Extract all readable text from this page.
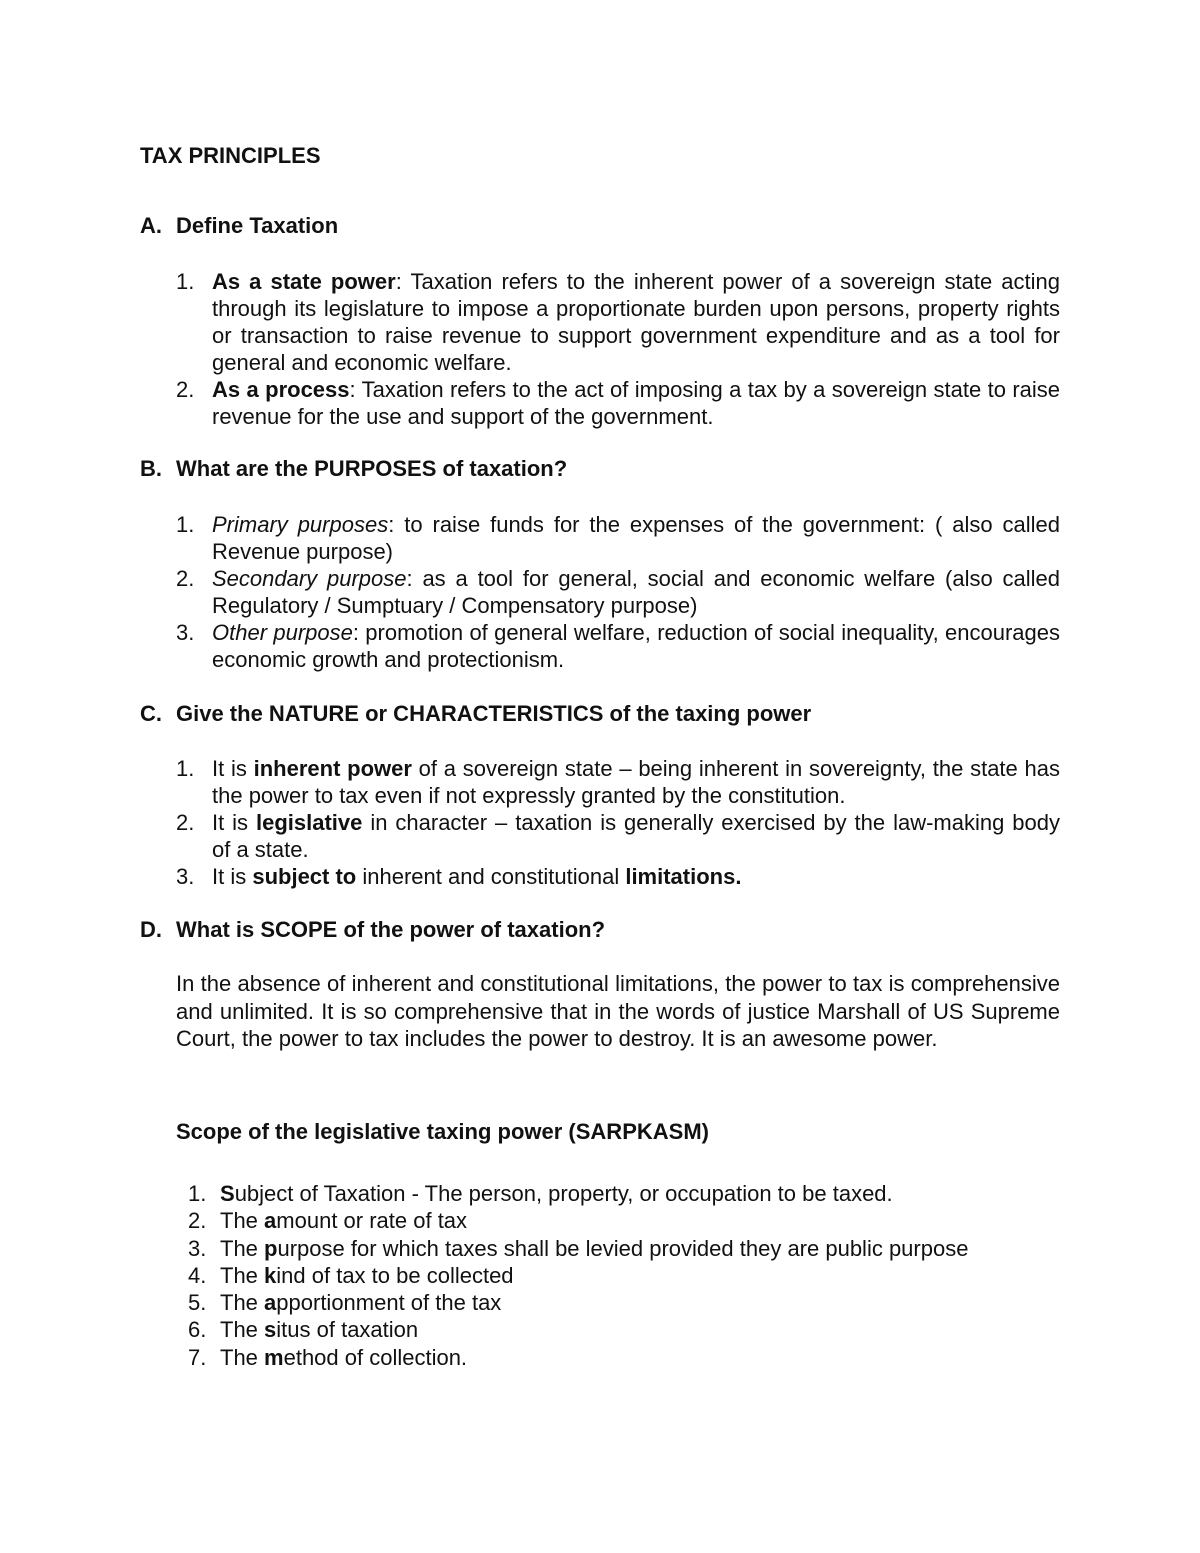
TAX PRINCIPLES
A. Define Taxation
1. As a state power: Taxation refers to the inherent power of a sovereign state acting through its legislature to impose a proportionate burden upon persons, property rights or transaction to raise revenue to support government expenditure and as a tool for general and economic welfare.
2. As a process: Taxation refers to the act of imposing a tax by a sovereign state to raise revenue for the use and support of the government.
B. What are the PURPOSES of taxation?
1. Primary purposes: to raise funds for the expenses of the government: ( also called Revenue purpose)
2. Secondary purpose: as a tool for general, social and economic welfare (also called Regulatory / Sumptuary / Compensatory purpose)
3. Other purpose: promotion of general welfare, reduction of social inequality, encourages economic growth and protectionism.
C. Give the NATURE or CHARACTERISTICS of the taxing power
1. It is inherent power of a sovereign state – being inherent in sovereignty, the state has the power to tax even if not expressly granted by the constitution.
2. It is legislative in character – taxation is generally exercised by the law-making body of a state.
3. It is subject to inherent and constitutional limitations.
D. What is SCOPE of the power of taxation?
In the absence of inherent and constitutional limitations, the power to tax is comprehensive and unlimited. It is so comprehensive that in the words of justice Marshall of US Supreme Court, the power to tax includes the power to destroy. It is an awesome power.
Scope of the legislative taxing power (SARPKASM)
1. Subject of Taxation - The person, property, or occupation to be taxed.
2. The amount or rate of tax
3. The purpose for which taxes shall be levied provided they are public purpose
4. The kind of tax to be collected
5. The apportionment of the tax
6. The situs of taxation
7. The method of collection.
